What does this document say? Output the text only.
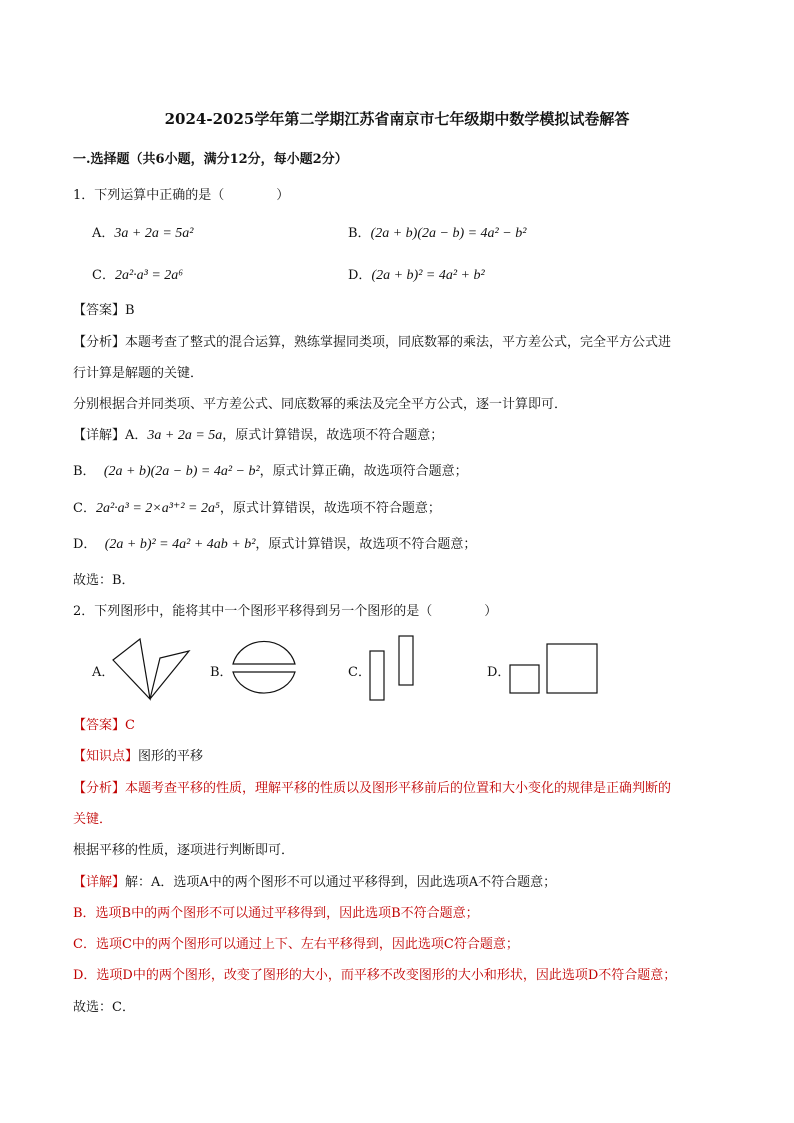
2024-2025学年第二学期江苏省南京市七年级期中数学模拟试卷解答
一.选择题（共6小题，满分12分，每小题2分）
1．下列运算中正确的是（　　　　）
A．3a + 2a = 5a²	B．(2a + b)(2a − b) = 4a² − b²
C．2a²·a³ = 2a⁶	D．(2a + b)² = 4a² + b²
【答案】B
【分析】本题考查了整式的混合运算，熟练掌握同类项，同底数幂的乘法，平方差公式，完全平方公式进
行计算是解题的关键．
分别根据合并同类项、平方差公式、同底数幂的乘法及完全平方公式，逐一计算即可．
【详解】A．3a + 2a = 5a，原式计算错误，故选项不符合题意；
B． (2a + b)(2a − b) = 4a² − b²，原式计算正确，故选项符合题意；
C．2a²·a³ = 2×a³⁺² = 2a⁵，原式计算错误，故选项不符合题意；
D． (2a + b)² = 4a² + 4ab + b²，原式计算错误，故选项不符合题意；
故选：B．
2．下列图形中，能将其中一个图形平移得到另一个图形的是（　　　　）
A．	B．	C．	D．
【答案】C
【知识点】图形的平移
【分析】本题考查平移的性质，理解平移的性质以及图形平移前后的位置和大小变化的规律是正确判断的
关键．
根据平移的性质，逐项进行判断即可．
【详解】解：A．选项A中的两个图形不可以通过平移得到，因此选项A不符合题意；
B．选项B中的两个图形不可以通过平移得到，因此选项B不符合题意；
C．选项C中的两个图形可以通过上下、左右平移得到，因此选项C符合题意；
D．选项D中的两个图形，改变了图形的大小，而平移不改变图形的大小和形状，因此选项D不符合题意；
故选：C．
